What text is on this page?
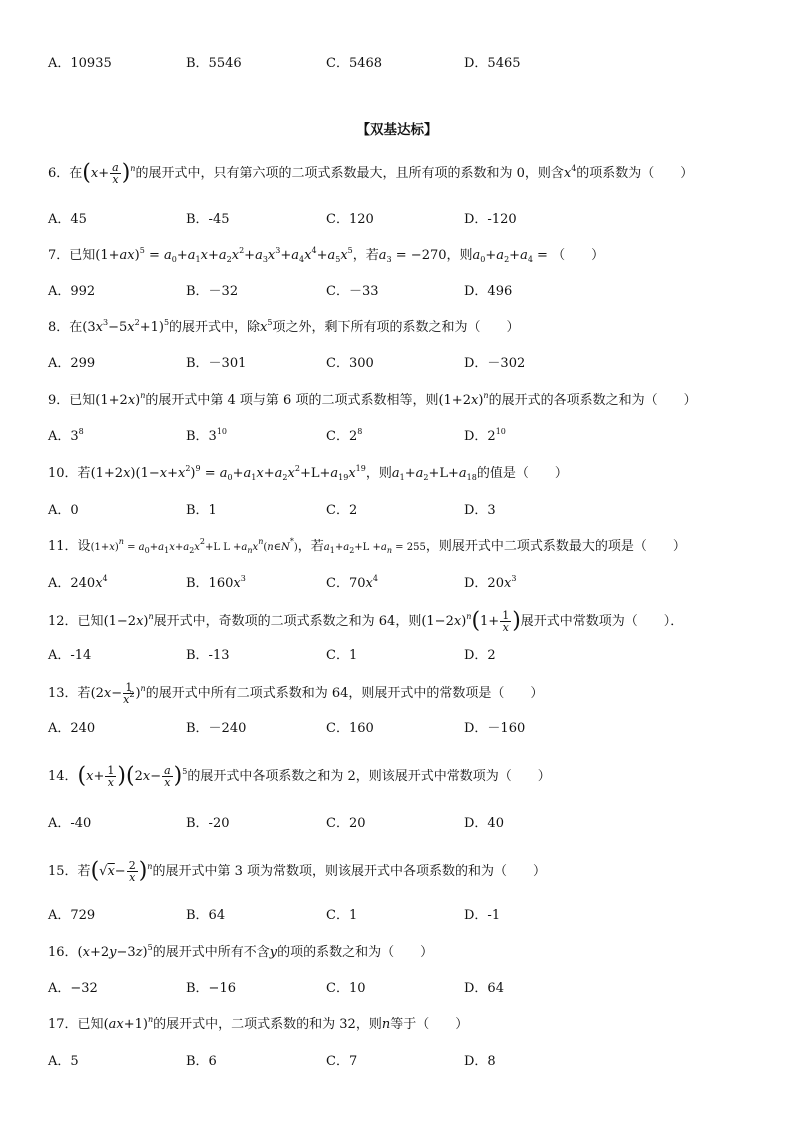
A．10935	B．5546	C．5468	D．5465
【双基达标】
6．在$(x+ \frac{a}{x} )^n$的展开式中，只有第六项的二项式系数最大，且所有项的系数和为 0，则含$x^4$的项系数为（　　）
A．45	B．-45	C．120	D．-120
7．已知$(1+ax)^5 = a_0+a_1x+a_2x^2+a_3x^3+a_4x^4+a_5x^5$，若$a_3 = -270$，则$a_0+a_2+a_4$ = （　　）
A．992	B．－32	C．－33	D．496
8．在$(3x^3-5x^2+1)^5$的展开式中，除$x^5$项之外，剩下所有项的系数之和为（　　）
A．299	B．－301	C．300	D．－302
9．已知$(1+2x)^n$的展开式中第 4 项与第 6 项的二项式系数相等，则$(1+2x)^n$的展开式的各项系数之和为（　　）
A．$3^8$	B．$3^{10}$	C．$2^8$	D．$2^{10}$
10．若$(1+2x)(1-x+x^2)^9 = a_0+a_1x+a_2x^2+L+a_{19}x^{19}$，则$a_1+a_2+L+a_{18}$的值是（　　）
A．0	B．1	C．2	D．3
11．设$(1+x)^n = a_0+a_1x+a_2x^2+L$ $L +a_nx^n(n\in N^*)$，若$a_1+a_2+L +a_n = 255$，则展开式中二项式系数最大的项是（　　）
A．$240x^4$	B．$160x^3$	C．$70x^4$	D．$20x^3$
12．已知$(1-2x)^n$展开式中，奇数项的二项式系数之和为 64，则$(1-2x)^n(1+ \frac{1}{x}$ )展开式中常数项为（　　）．
A．-14	B．-13	C．1	D．2
13．若$(2x- \frac{1}{x^2} )^n$的展开式中所有二项式系数和为 64，则展开式中的常数项是（　　）
A．240	B．－240	C．160	D．－160
14．$(x+ \frac{1}{x} )(2x- \frac{a}{x} )^5$的展开式中各项系数之和为 2，则该展开式中常数项为（　　）
A．-40	B．-20	C．20	D．40
15．若$(√x- \frac{2}{x} )^n$的展开式中第 3 项为常数项，则该展开式中各项系数的和为（　　）
A．729	B．64	C．1	D．-1
16．$(x+2y-3z)^5$的展开式中所有不含y的项的系数之和为（　　）
A．−32	B．−16	C．10	D．64
17．已知$(ax+1)^n$的展开式中，二项式系数的和为 32，则n等于（　　）
A．5	B．6	C．7	D．8
